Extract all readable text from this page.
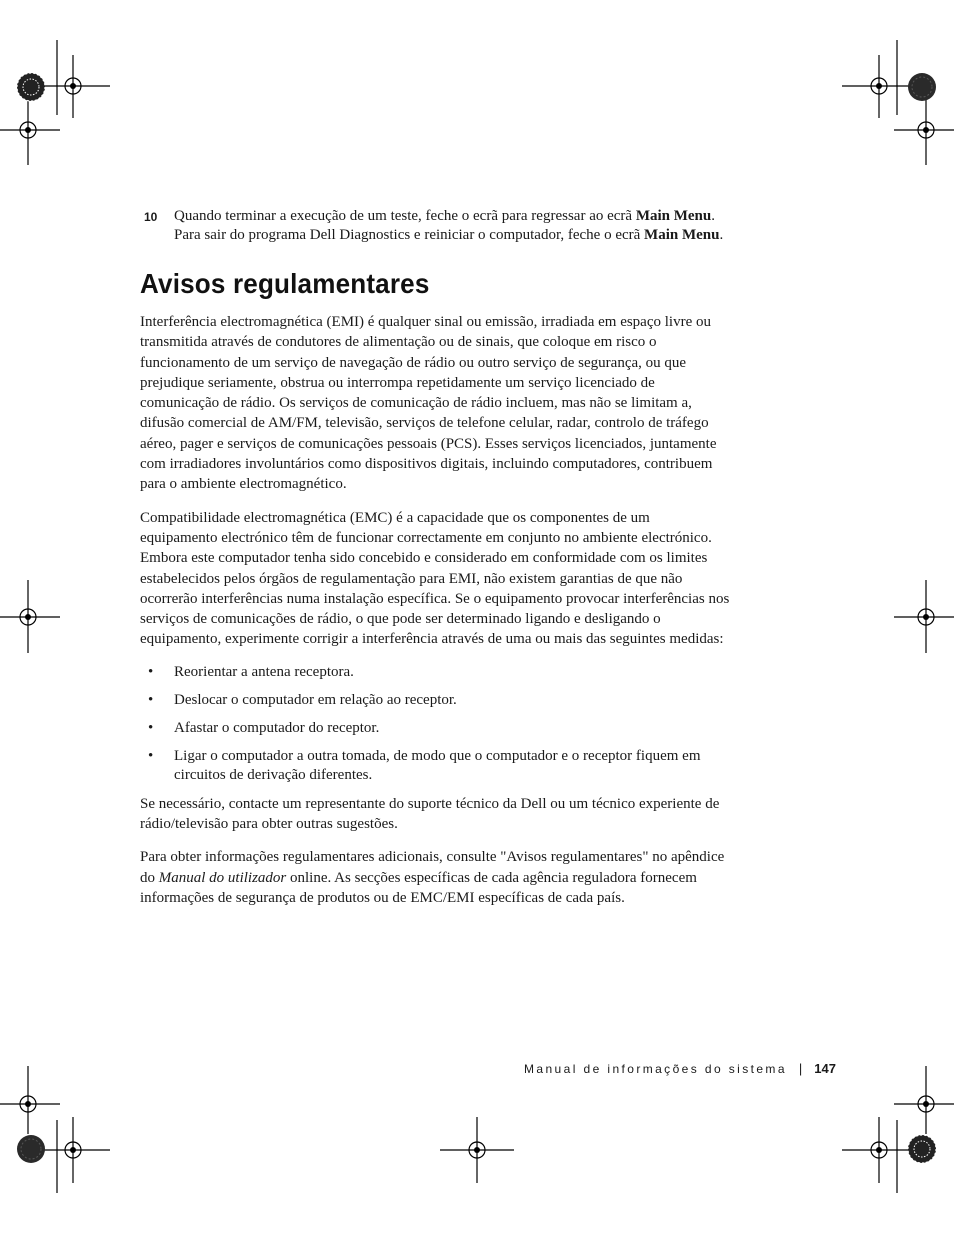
10 Quando terminar a execução de um teste, feche o ecrã para regressar ao ecrã Main Menu. Para sair do programa Dell Diagnostics e reiniciar o computador, feche o ecrã Main Menu.
Avisos regulamentares

Interferência electromagnética (EMI) é qualquer sinal ou emissão, irradiada em espaço livre ou transmitida através de condutores de alimentação ou de sinais, que coloque em risco o funcionamento de um serviço de navegação de rádio ou outro serviço de segurança, ou que prejudique seriamente, obstrua ou interrompa repetidamente um serviço licenciado de comunicação de rádio. Os serviços de comunicação de rádio incluem, mas não se limitam a, difusão comercial de AM/FM, televisão, serviços de telefone celular, radar, controlo de tráfego aéreo, pager e serviços de comunicações pessoais (PCS). Esses serviços licenciados, juntamente com irradiadores involuntários como dispositivos digitais, incluindo computadores, contribuem para o ambiente electromagnético.

Compatibilidade electromagnética (EMC) é a capacidade que os componentes de um equipamento electrónico têm de funcionar correctamente em conjunto no ambiente electrónico. Embora este computador tenha sido concebido e considerado em conformidade com os limites estabelecidos pelos órgãos de regulamentação para EMI, não existem garantias de que não ocorrerão interferências numa instalação específica. Se o equipamento provocar interferências nos serviços de comunicações de rádio, o que pode ser determinado ligando e desligando o equipamento, experimente corrigir a interferência através de uma ou mais das seguintes medidas:

• Reorientar a antena receptora.
• Deslocar o computador em relação ao receptor.
• Afastar o computador do receptor.
• Ligar o computador a outra tomada, de modo que o computador e o receptor fiquem em circuitos de derivação diferentes.

Se necessário, contacte um representante do suporte técnico da Dell ou um técnico experiente de rádio/televisão para obter outras sugestões.

Para obter informações regulamentares adicionais, consulte "Avisos regulamentares" no apêndice do Manual do utilizador online. As secções específicas de cada agência reguladora fornecem informações de segurança de produtos ou de EMC/EMI específicas de cada país.

Manual de informações do sistema | 147
